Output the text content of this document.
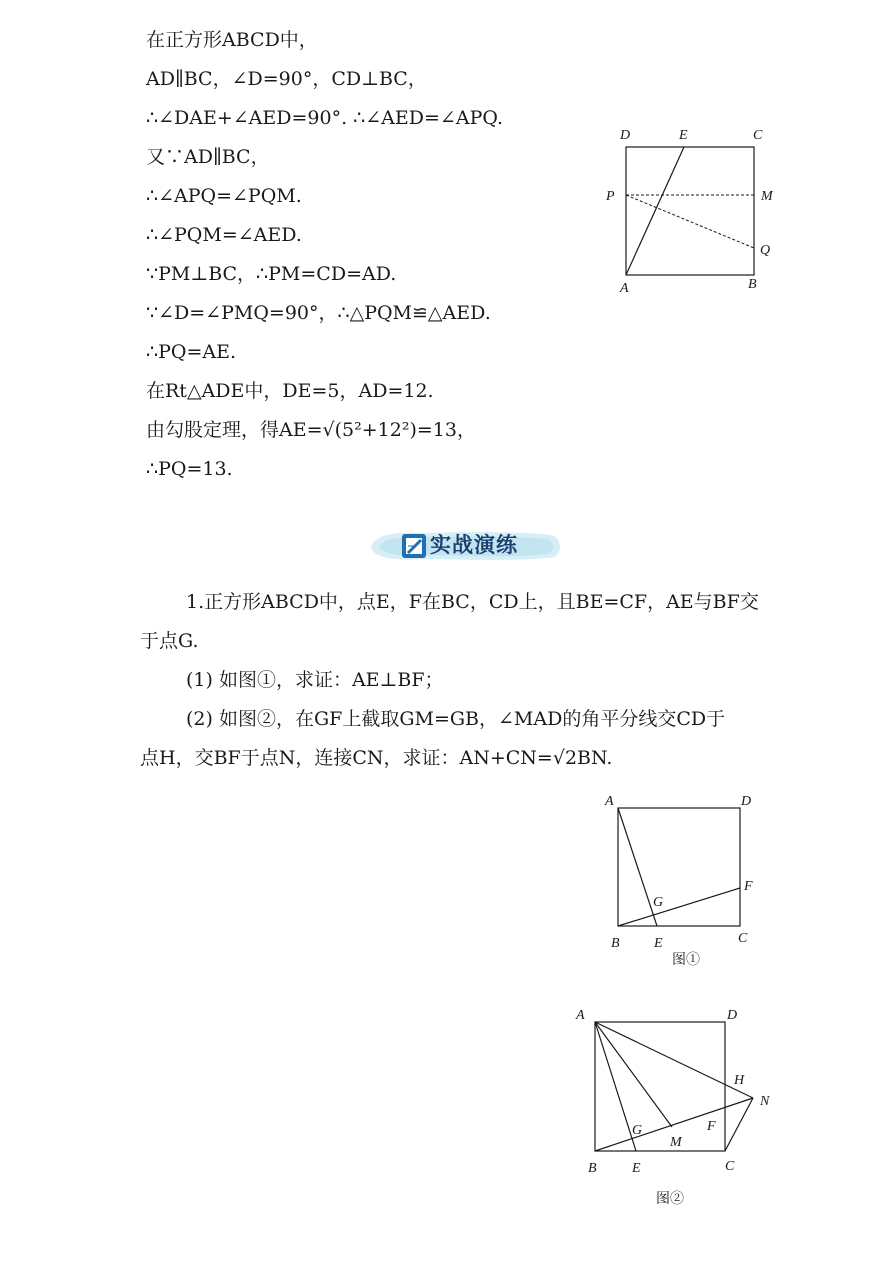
在正方形ABCD中，
AD∥BC，∠D=90°，CD⊥BC，
∴∠DAE+∠AED=90°. ∴∠AED=∠APQ.
又∵AD∥BC，
∴∠APQ=∠PQM.
∴∠PQM=∠AED.
∵PM⊥BC，∴PM=CD=AD.
∵∠D=∠PMQ=90°，∴△PQM≌△AED.
∴PQ=AE.
在Rt△ADE中，DE=5，AD=12.
由勾股定理，得AE=√(5²+12²)=13，
∴PQ=13.
D	E	C
P	M
Q
A	B
实战演练
1.正方形ABCD中，点E，F在BC，CD上，且BE=CF，AE与BF交
于点G.
(1) 如图①，求证：AE⊥BF；
(2) 如图②，在GF上截取GM=GB，∠MAD的角平分线交CD于
点H，交BF于点N，连接CN，求证：AN+CN=√2BN.
A	D
F
G
B E	C
图①
A	D
H
N
F
G
M
B	E	C
图②
